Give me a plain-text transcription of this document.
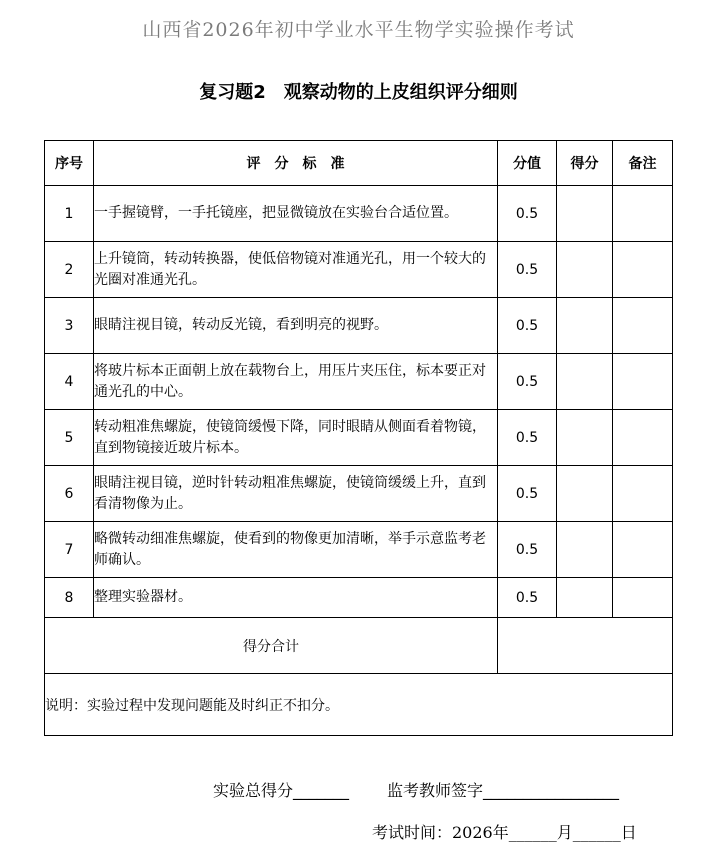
山西省2026年初中学业水平生物学实验操作考试
复习题2　观察动物的上皮组织评分细则
序号	评　分　标　准	分值	得分	备注
1	一手握镜臂，一手托镜座，把显微镜放在实验台合适位置。	0.5		
2	上升镜筒，转动转换器，使低倍物镜对准通光孔，用一个较大的光圈对准通光孔。	0.5		
3	眼睛注视目镜，转动反光镜，看到明亮的视野。	0.5		
4	将玻片标本正面朝上放在载物台上，用压片夹压住，标本要正对通光孔的中心。	0.5		
5	转动粗准焦螺旋，使镜筒缓慢下降，同时眼睛从侧面看着物镜，直到物镜接近玻片标本。	0.5		
6	眼睛注视目镜，逆时针转动粗准焦螺旋，使镜筒缓缓上升，直到看清物像为止。	0.5		
7	略微转动细准焦螺旋，使看到的物像更加清晰，举手示意监考老师确认。	0.5		
8	整理实验器材。	0.5		
得分合计				
说明：实验过程中发现问题能及时纠正不扣分。				
实验总得分_______ 监考教师签字_________________
考试时间：2026年______月______日
